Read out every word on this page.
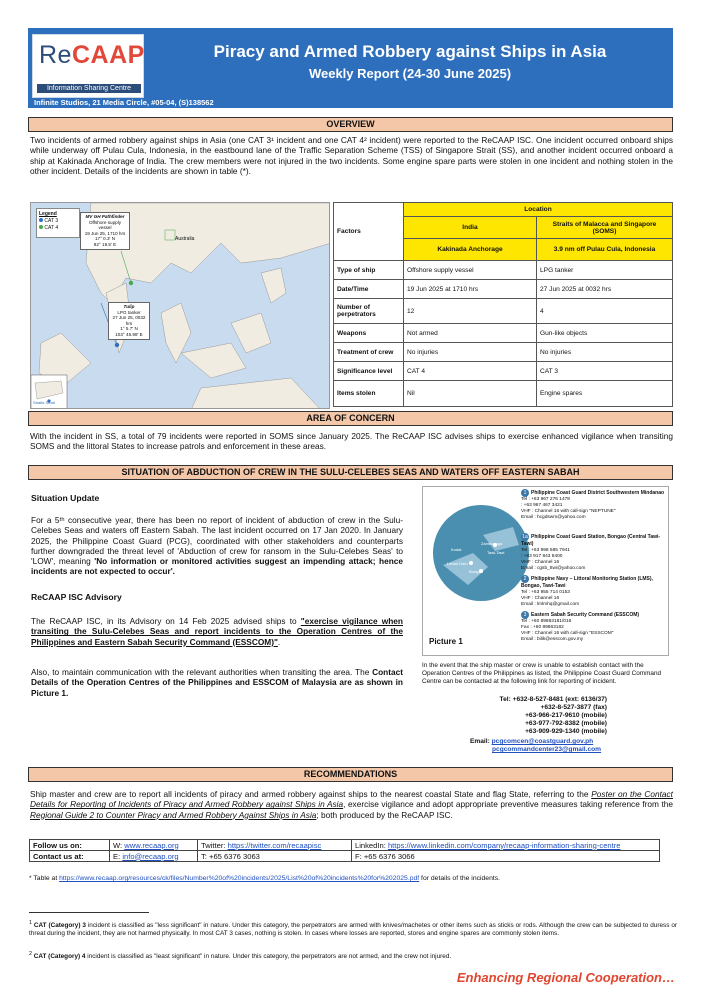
ReCAAP
Information Sharing Centre
Piracy and Armed Robbery against Ships in Asia
Weekly Report (24-30 June 2025)
Infinite Studios, 21 Media Circle, #05-04, (S)138562
OVERVIEW
Two incidents of armed robbery against ships in Asia (one CAT 3¹ incident and one CAT 4² incident) were reported to the ReCAAP ISC. One incident occurred onboard ships while underway off Pulau Cula, Indonesia, in the eastbound lane of the Traffic Separation Scheme (TSS) of Singapore Strait (SS), and another incident occurred onboard a ship at Kakinada Anchorage of India. The crew members were not injured in the two incidents. Some engine spare parts were stolen in one incident and nothing stolen in the other incident. Details of the incidents are shown in table (*).
Legend
CAT 3
CAT 4
MV GH Pathfinder
Offshore supply vessel
19 Jun 25, 1710 hrs
17° 0.3' N
82° 19.5' E
Tulip
LPG tanker
27 Jun 25, 0032 hrs
1° 5.7' N
103° 45.98' E
Australia
Straits Strait
Factors	Location	
	India	Straits of Malacca and Singapore (SOMS)
	Kakinada Anchorage	3.9 nm off Pulau Cula, Indonesia
Type of ship	Offshore supply vessel	LPG tanker
Date/Time	19 Jun 2025 at 1710 hrs	27 Jun 2025 at 0032 hrs
Number of perpetrators	12	4
Weapons	Not armed	Gun-like objects
Treatment of crew	No injuries	No injuries
Significance level	CAT 4	CAT 3
Items stolen	Nil	Engine spares
AREA OF CONCERN
With the incident in SS, a total of 79 incidents were reported in SOMS since January 2025. The ReCAAP ISC advises ships to exercise enhanced vigilance when transiting SOMS and the littoral States to increase patrols and enforcement in these areas.
SITUATION OF ABDUCTION OF CREW IN THE SULU-CELEBES SEAS AND WATERS OFF EASTERN SABAH
Situation Update
For a 5ᵗʰ consecutive year, there has been no report of incident of abduction of crew in the Sulu-Celebes Seas and waters off Eastern Sabah. The last incident occurred on 17 Jan 2020. In January 2025, the Philippine Coast Guard (PCG), coordinated with other stakeholders and counterparts further downgraded the threat level of 'Abduction of crew for ransom in the Sulu-Celebes Seas' to 'LOW', meaning 'No information or monitored activities suggest an impending attack; hence incidents are not expected to occur'.
ReCAAP ISC Advisory
The ReCAAP ISC, in its Advisory on 14 Feb 2025 advised ships to "exercise vigilance when transiting the Sulu-Celebes Seas and report incidents to the Operation Centres of the Philippines and Eastern Sabah Security Command (ESSCOM)".
Also, to maintain communication with the relevant authorities when transiting the area. The Contact Details of the Operation Centres of the Philippines and ESSCOM of Malaysia are as shown in Picture 1.
Zamboanga
Tawi-Tawi
Lahad Datu
Bongao
Kudat
Picture 1
1 Philippine Coast Guard District Southwestern Mindanao
Tel : +63 967 276 1478
: +63 967 467 3421
VHF : Channel 16 with call-sign "NEPTUNE"
Email : hcgdswm@yahoo.com
1a Philippine Coast Guard Station, Bongao (Central Tawi-Tawi)
Tel : +63 998 585 7941
: +63 917 843 8400
VHF : Channel 16
Email : cgsb_ttwi@yahoo.com
2 Philippine Navy – Littoral Monitoring Station (LMS), Bongao, Tawi-Tawi
Tel : +63 955 714 0153
VHF : Channel 16
Email : lmlmhq@gmail.com
3 Eastern Sabah Security Command (ESSCOM)
Tel : +60 89863181/016
Fax : +60 89863182
VHF : Channel 16 with call-sign "ESSCOM"
Email : bilik@esscom.gov.my
In the event that the ship master or crew is unable to establish contact with the Operation Centres of the Philippines as listed, the Philippine Coast Guard Command Centre can be contacted at the following link for reporting of incident.
Tel: +632-8-527-8481 (ext: 6136/37)
+632-8-527-3877 (fax)
+63-966-217-9610 (mobile)
+63-977-792-8382 (mobile)
+63-909-929-1340 (mobile)
Email: pcgcomcen@coastguard.gov.ph
pcgcommandcenter23@gmail.com
RECOMMENDATIONS
Ship master and crew are to report all incidents of piracy and armed robbery against ships to the nearest coastal State and flag State, referring to the Poster on the Contact Details for Reporting of Incidents of Piracy and Armed Robbery against Ships in Asia, exercise vigilance and adopt appropriate preventive measures taking reference from the Regional Guide 2 to Counter Piracy and Armed Robbery Against Ships in Asia; both produced by the ReCAAP ISC.
Follow us on:	W: www.recaap.org	Twitter: https://twitter.com/recaapisc	LinkedIn: https://www.linkedin.com/company/recaap-information-sharing-centre
Contact us at:	E: info@recaap.org	T: +65 6376 3063	F: +65 6376 3066
* Table at https://www.recaap.org/resources/ck/files/Number%20of%20incidents/2025/List%20of%20incidents%20for%202025.pdf for details of the incidents.
$^1$ CAT (Category) 3 incident is classified as "less significant" in nature. Under this category, the perpetrators are armed with knives/machetes or other items such as sticks or rods. Although the crew can be subjected to duress or threat during the incident, they are not harmed physically. In most CAT 3 cases, nothing is stolen. In cases where losses are reported, stores and engine spares are commonly stolen items.
$^2$ CAT (Category) 4 incident is classified as "least significant" in nature. Under this category, the perpetrators are not armed, and the crew not injured.
Enhancing Regional Cooperation…
